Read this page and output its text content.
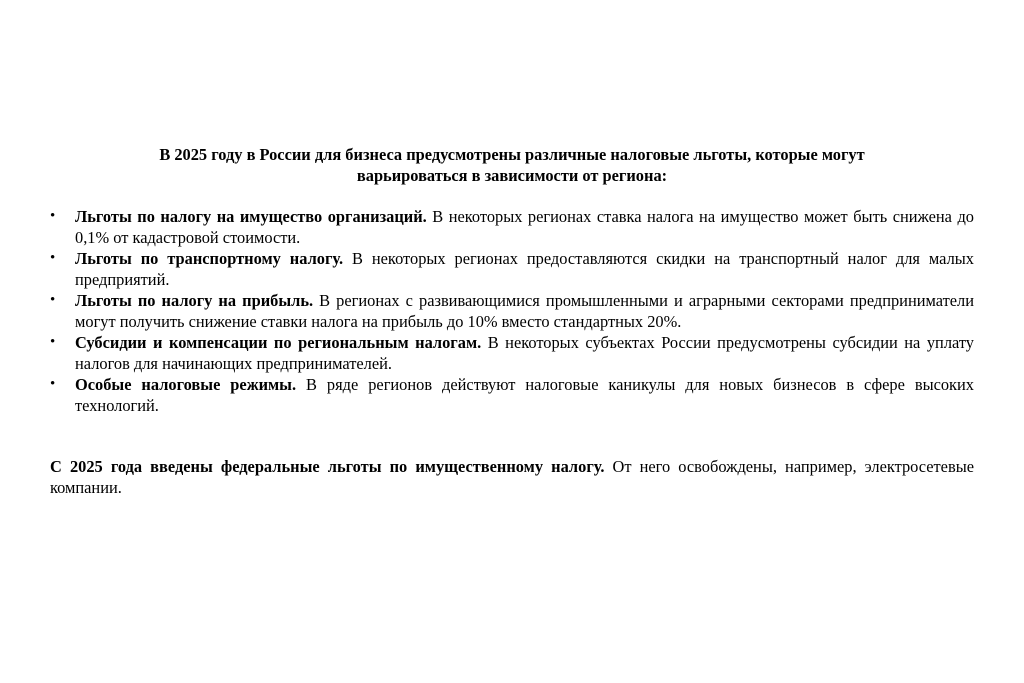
В 2025 году в России для бизнеса предусмотрены различные налоговые льготы, которые могут
варьироваться в зависимости от региона:

• Льготы по налогу на имущество организаций. В некоторых регионах ставка налога на имущество может быть снижена до 0,1% от кадастровой стоимости.
• Льготы по транспортному налогу. В некоторых регионах предоставляются скидки на транспортный налог для малых предприятий.
• Льготы по налогу на прибыль. В регионах с развивающимися промышленными и аграрными секторами предприниматели могут получить снижение ставки налога на прибыль до 10% вместо стандартных 20%.
• Субсидии и компенсации по региональным налогам. В некоторых субъектах России предусмотрены субсидии на уплату налогов для начинающих предпринимателей.
• Особые налоговые режимы. В ряде регионов действуют налоговые каникулы для новых бизнесов в сфере высоких технологий.

С 2025 года введены федеральные льготы по имущественному налогу. От него освобождены, например, электросетевые компании.
